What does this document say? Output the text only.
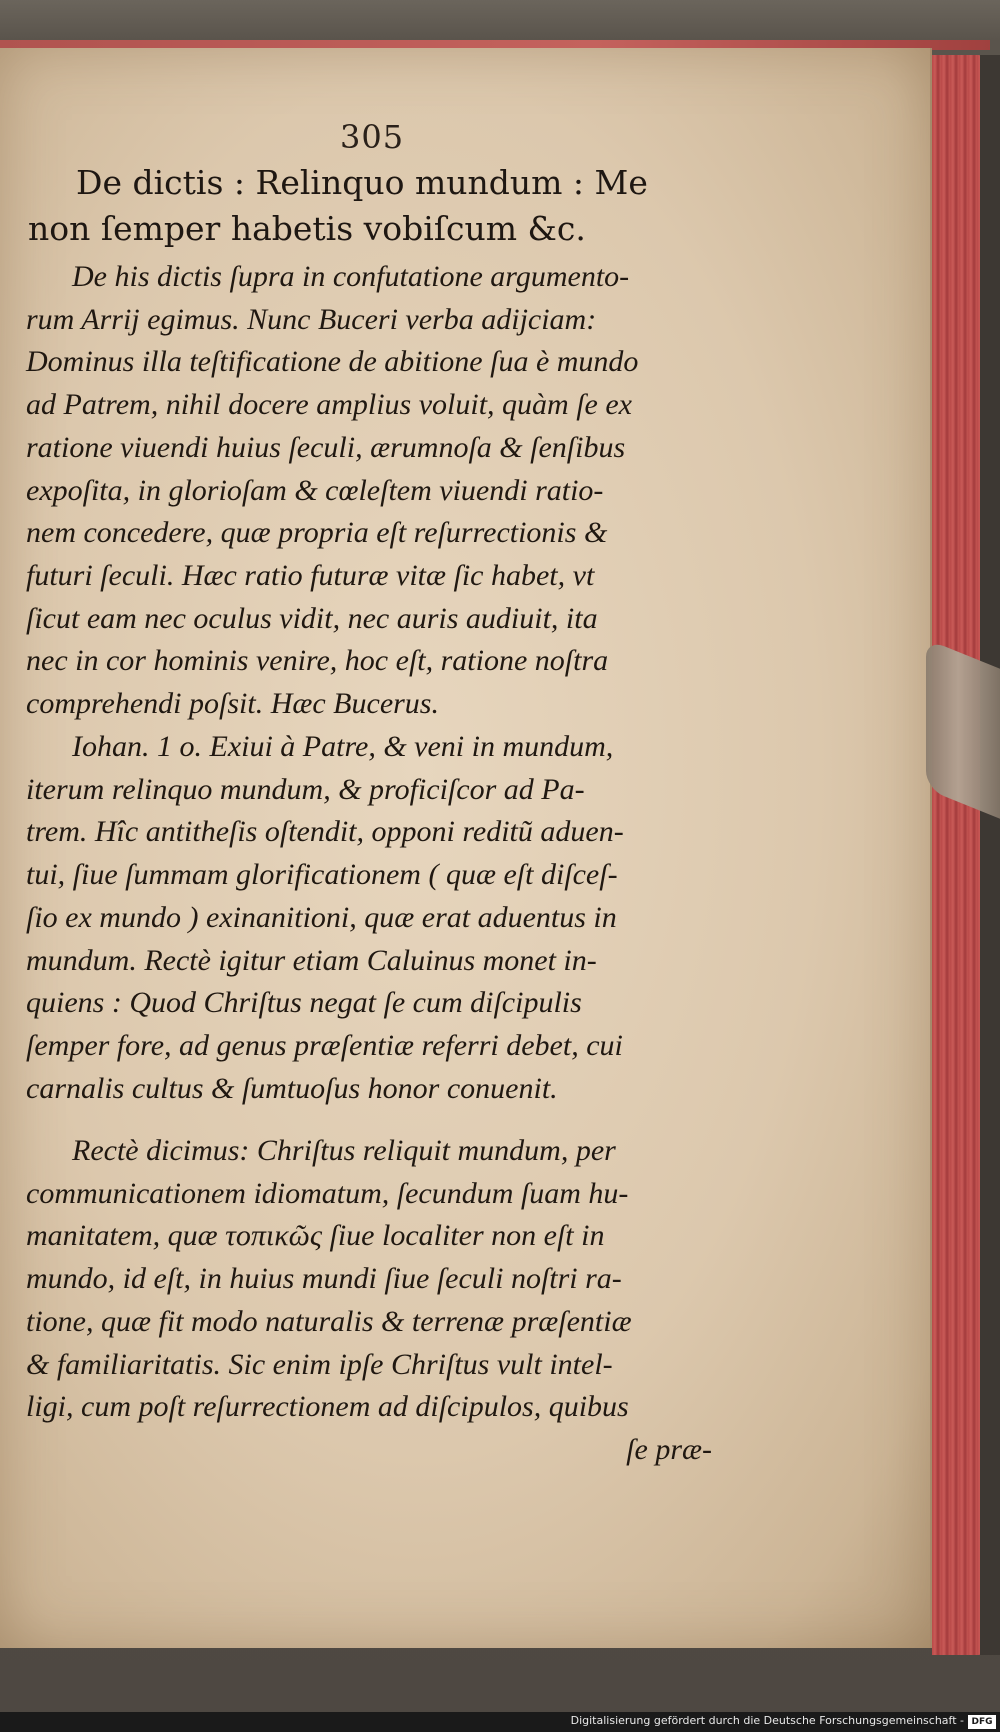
305
De dictis : Relinquo mundum : Me
non ſemper habetis vobiſcum &c.
De his dictis ſupra in confutatione argumento-
rum Arrij egimus. Nunc Buceri verba adijciam:
Dominus illa teſtificatione de abitione ſua è mundo
ad Patrem, nihil docere amplius voluit, quàm ſe ex
ratione viuendi huius ſeculi, ærumnoſa & ſenſibus
expoſita, in glorioſam & cœleſtem viuendi ratio-
nem concedere, quæ propria eſt reſurrectionis &
futuri ſeculi. Hæc ratio futuræ vitæ ſic habet, vt
ſicut eam nec oculus vidit, nec auris audiuit, ita
nec in cor hominis venire, hoc eſt, ratione noſtra
comprehendi poſsit. Hæc Bucerus.
Iohan. 1 o. Exiui à Patre, & veni in mundum,
iterum relinquo mundum, & proficiſcor ad Pa-
trem. Hîc antitheſis oſtendit, opponi reditũ aduen-
tui, ſiue ſummam glorificationem ( quæ eſt diſceſ-
ſio ex mundo ) exinanitioni, quæ erat aduentus in
mundum. Rectè igitur etiam Caluinus monet in-
quiens : Quod Chriſtus negat ſe cum diſcipulis
ſemper fore, ad genus præſentiæ referri debet, cui
carnalis cultus & ſumtuoſus honor conuenit.
Rectè dicimus: Chriſtus reliquit mundum, per
communicationem idiomatum, ſecundum ſuam hu-
manitatem, quæ τοπικῶς ſiue localiter non eſt in
mundo, id eſt, in huius mundi ſiue ſeculi noſtri ra-
tione, quæ fit modo naturalis & terrenæ præſentiæ
& familiaritatis. Sic enim ipſe Chriſtus vult intel-
ligi, cum poſt reſurrectionem ad diſcipulos, quibus
ſe præ-
Digitalisierung gefördert durch die Deutsche Forschungsgemeinschaft - DFG
